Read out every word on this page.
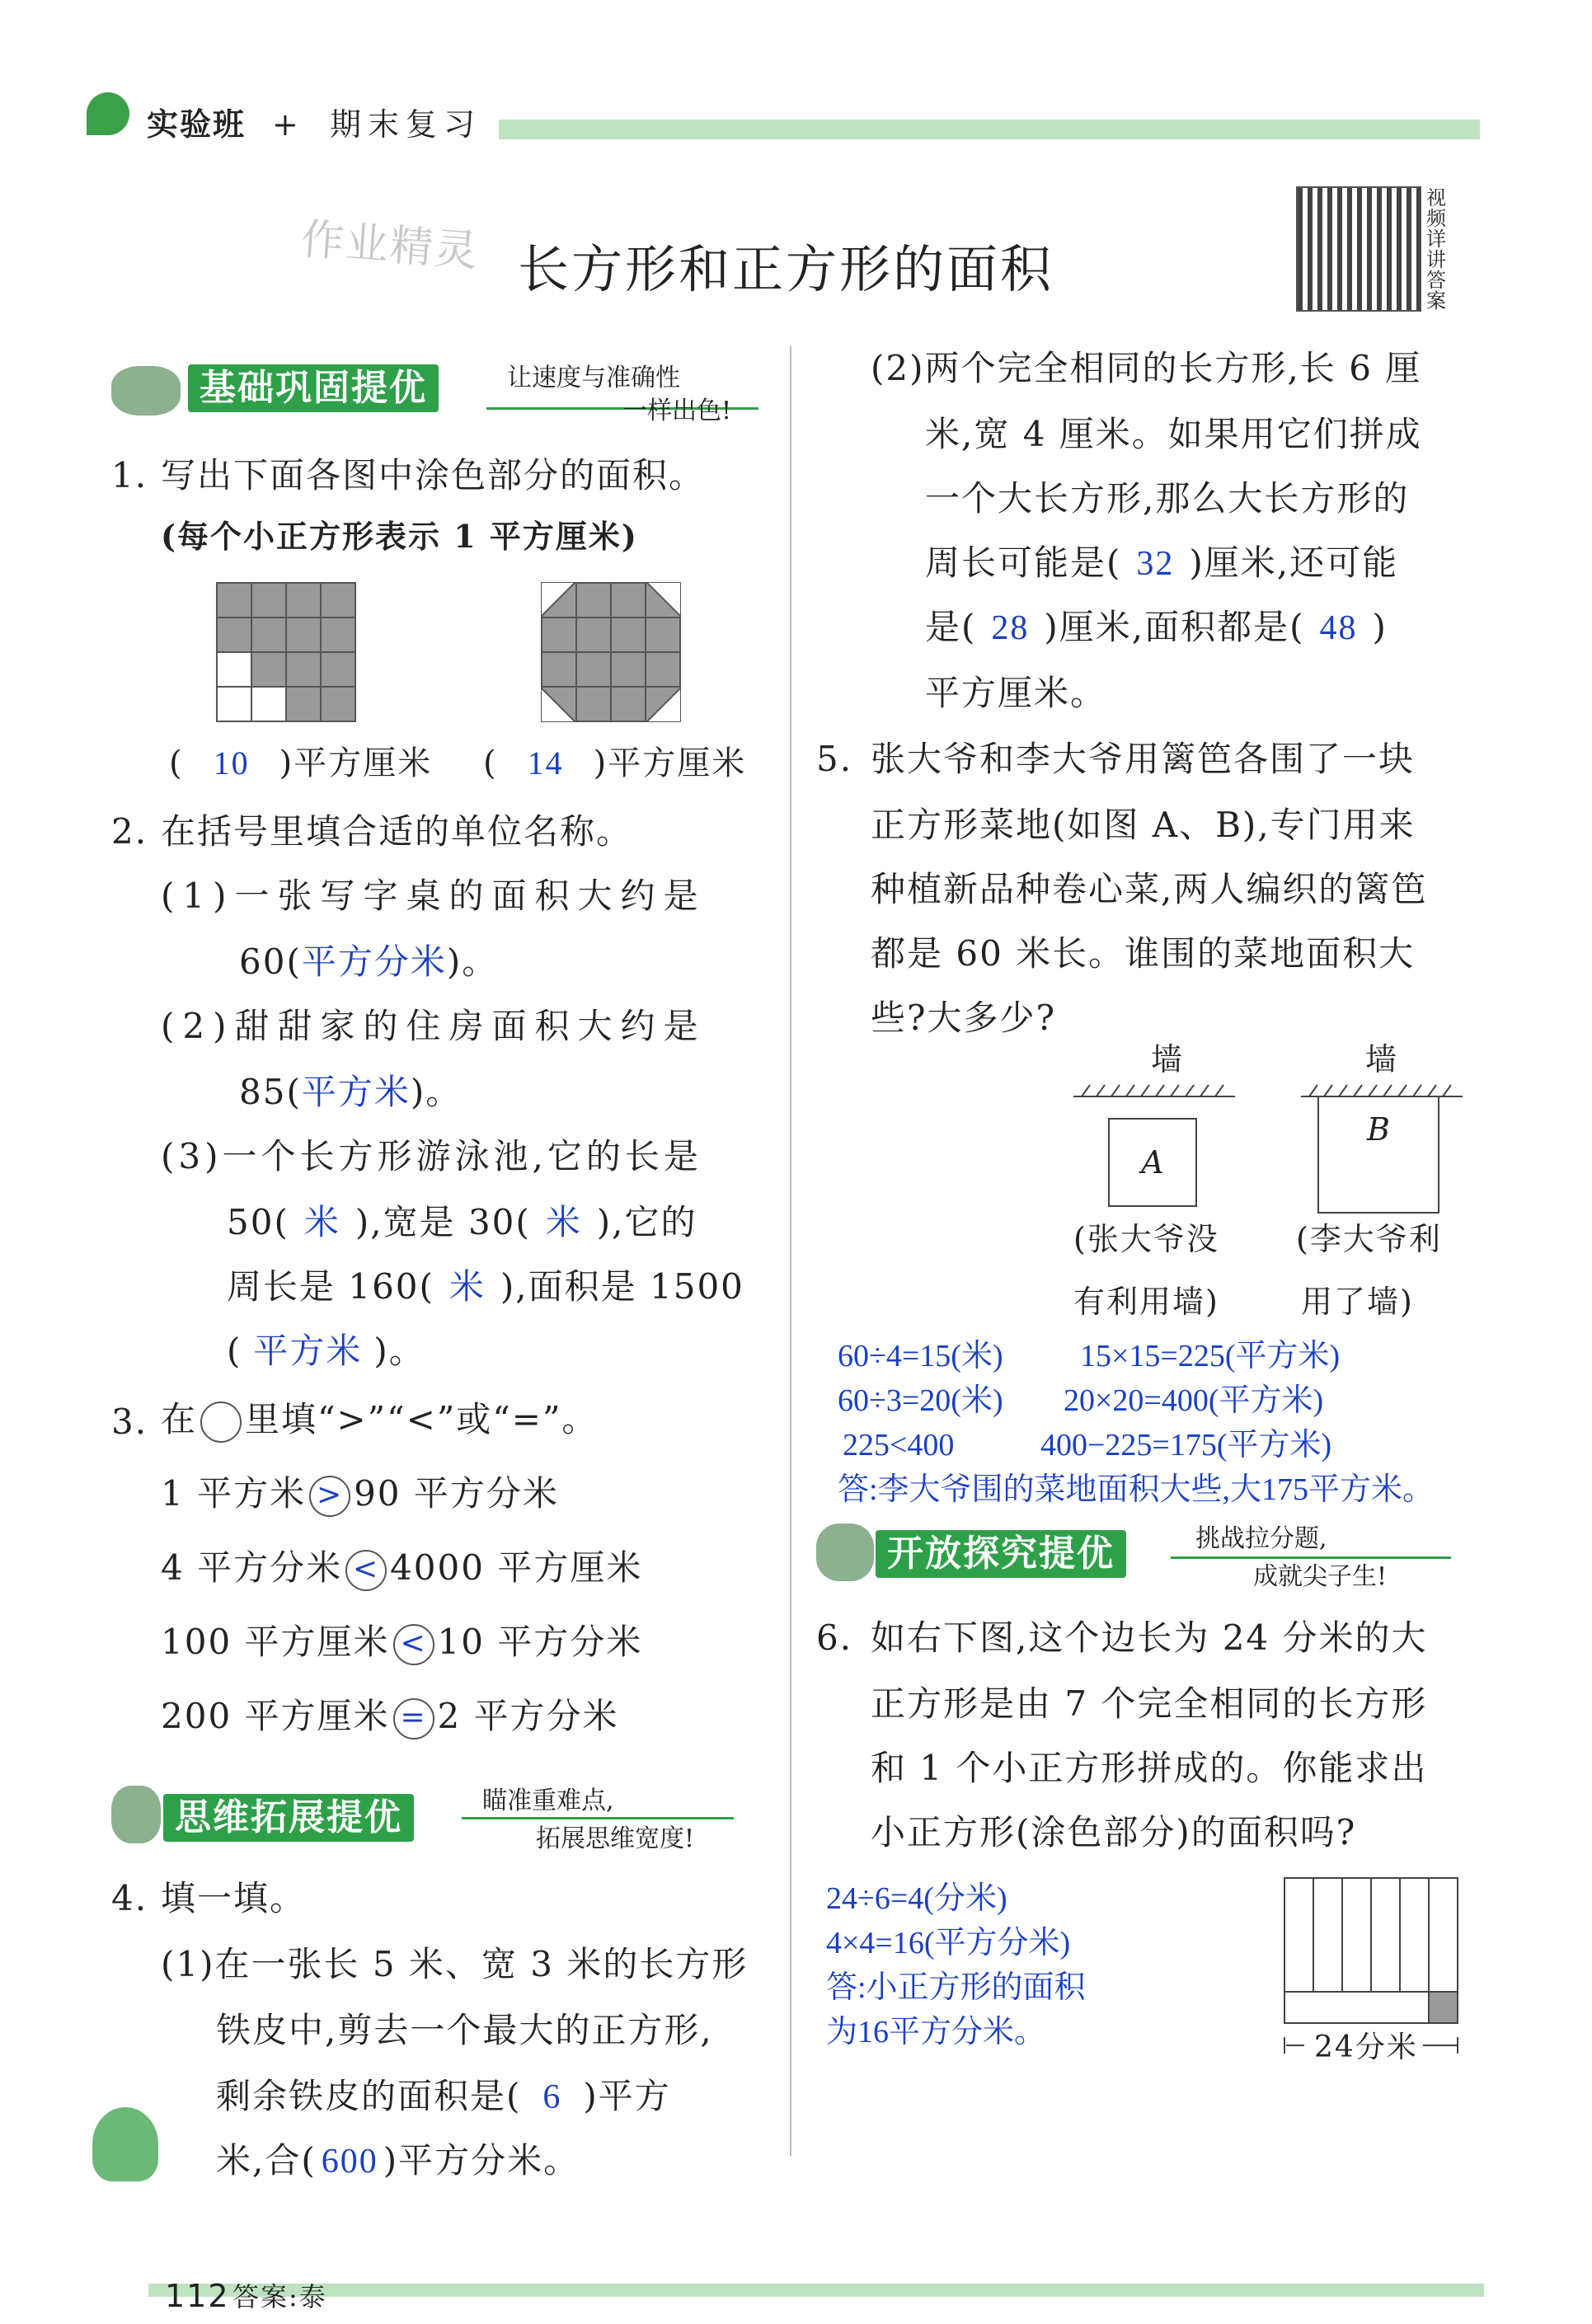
实验班 + 期末复习
作业精灵 长方形和正方形的面积
视频详讲答案
基础巩固提优	让速度与准确性
一样出色!
1. 写出下面各图中涂色部分的面积。
(每个小正方形表示 1 平方厘米)

( 10 )平方厘米 ( 14 )平方厘米
2. 在括号里填合适的单位名称。
(1)一张写字桌的面积大约是
60(平方分米)。
(2)甜甜家的住房面积大约是
85(平方米)。
(3)一个长方形游泳池,它的长是
50( 米 ),宽是 30( 米 ),它的
周长是 160( 米 ),面积是 1500
( 平方米 )。
3. 在 里填“>”“<”或“=”。
1 平方米 > 90 平方分米
4 平方分米 < 4000 平方厘米
100 平方厘米 < 10 平方分米
200 平方厘米 = 2 平方分米
思维拓展提优	瞄准重难点,
拓展思维宽度!
4. 填一填。
(1)在一张长 5 米、宽 3 米的长方形
铁皮中,剪去一个最大的正方形,
剩余铁皮的面积是( 6 )平方
米,合( 600 )平方分米。
(2)两个完全相同的长方形,长 6 厘
米,宽 4 厘米。如果用它们拼成
一个大长方形,那么大长方形的
周长可能是( 32 )厘米,还可能
是( 28 )厘米,面积都是( 48 )
平方厘米。
5. 张大爷和李大爷用篱笆各围了一块
正方形菜地(如图 A、B),专门用来
种植新品种卷心菜,两人编织的篱笆
都是 60 米长。谁围的菜地面积大
些?大多少?
墙
A
(张大爷没
有利用墙)
墙
B
(李大爷利
用了墙)
60÷4=15(米) 15×15=225(平方米)
60÷3=20(米) 20×20=400(平方米)
225<400	400−225=175(平方米)
答:李大爷围的菜地面积大些,大175平方米。
开放探究提优	挑战拉分题,
成就尖子生!
6. 如右下图,这个边长为 24 分米的大
正方形是由 7 个完全相同的长方形
和 1 个小正方形拼成的。你能求出
小正方形(涂色部分)的面积吗?
24÷6=4(分米)
4×4=16(平方分米)
答:小正方形的面积
为16平方分米。	24分米
112 答案:泰
